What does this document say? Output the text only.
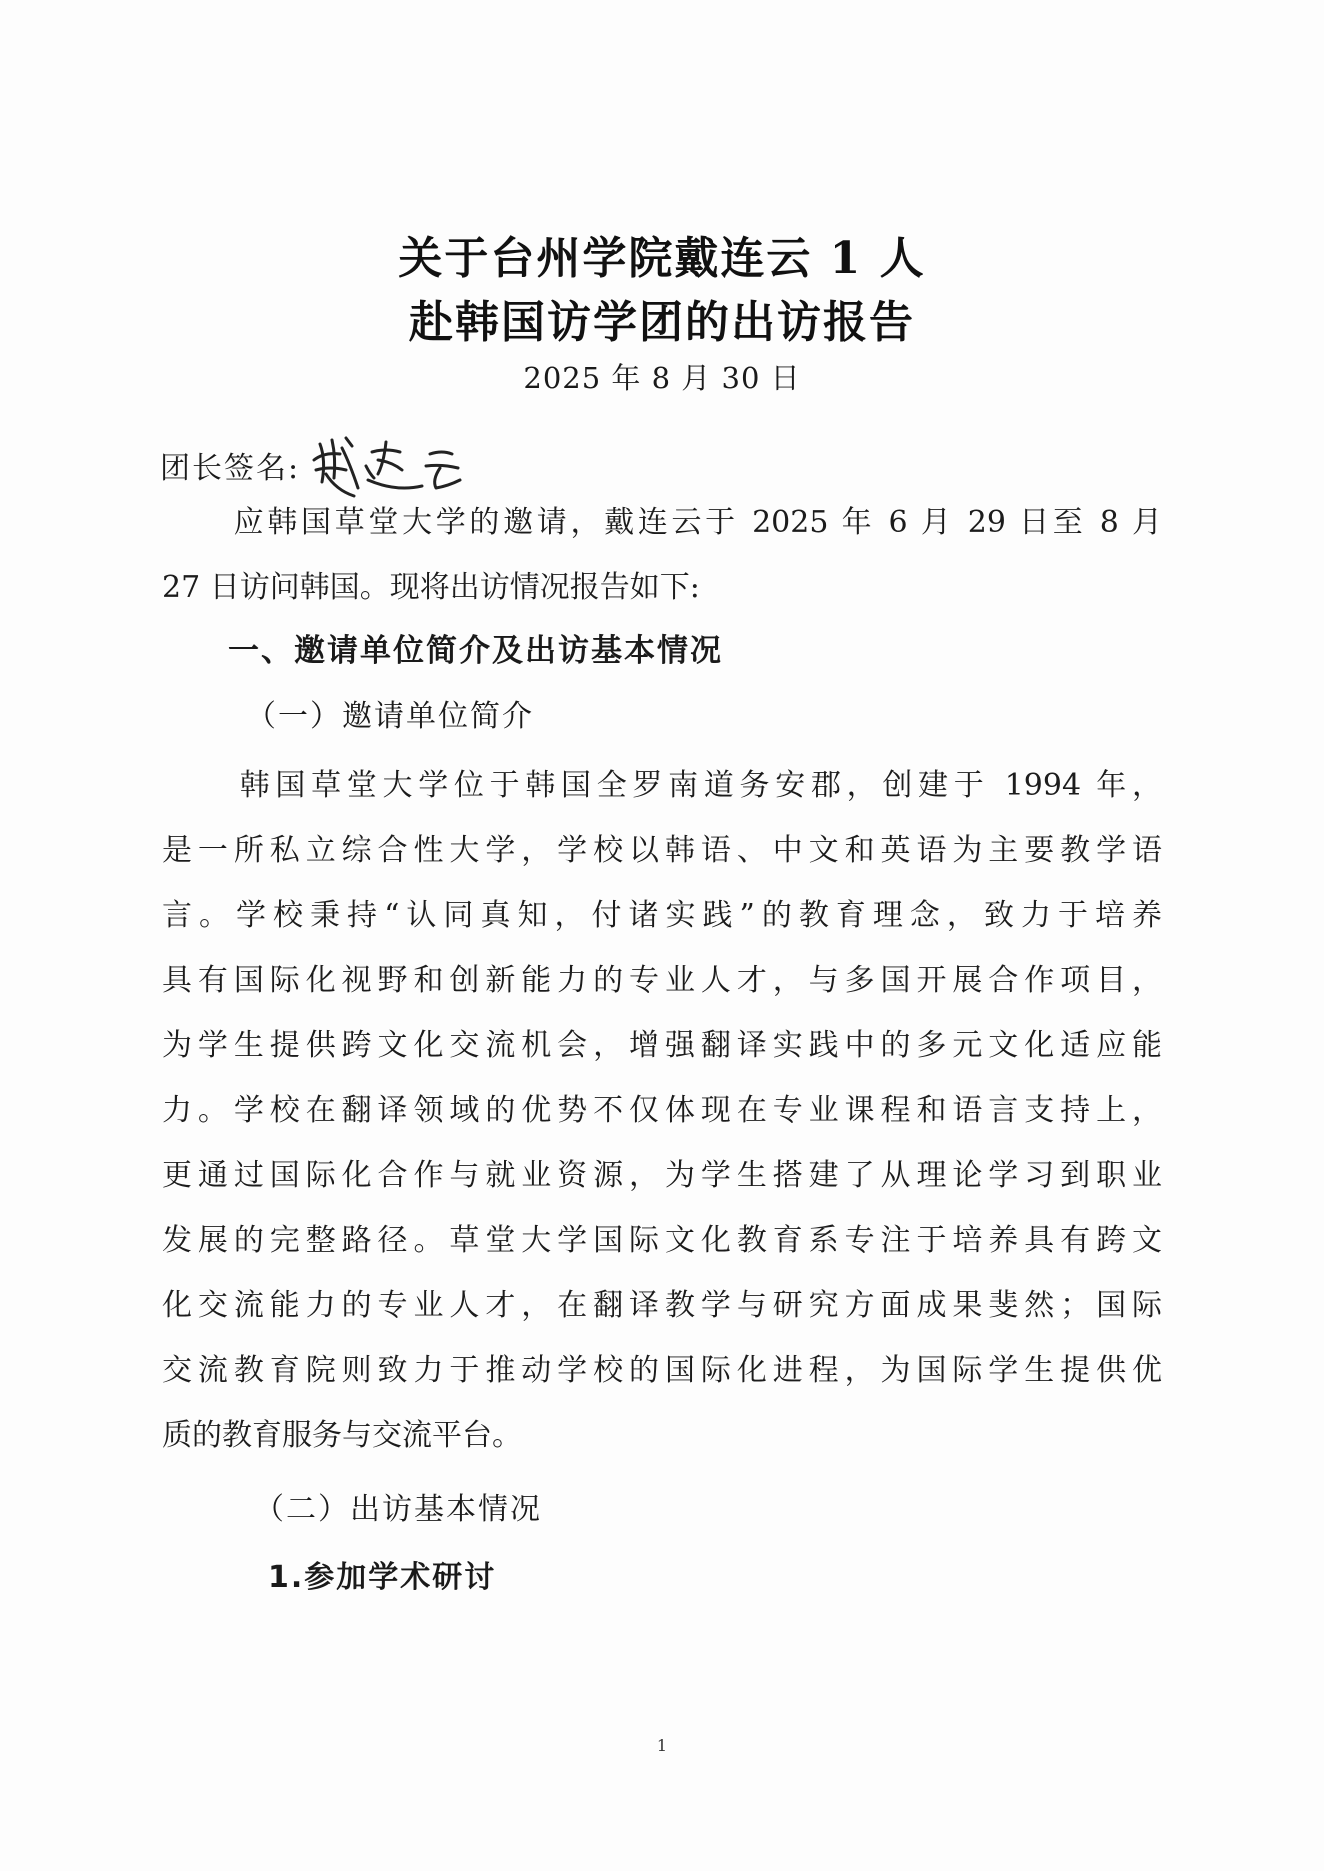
关于台州学院戴连云 1 人
赴韩国访学团的出访报告
2025 年 8 月 30 日
团长签名:
应韩国草堂大学的邀请，戴连云于 2025 年 6 月 29 日至 8 月
27 日访问韩国。现将出访情况报告如下:
一、邀请单位简介及出访基本情况
（一）邀请单位简介
韩国草堂大学位于韩国全罗南道务安郡，创建于 1994 年，
是一所私立综合性大学，学校以韩语、中文和英语为主要教学语
言。学校秉持“认同真知，付诸实践”的教育理念，致力于培养
具有国际化视野和创新能力的专业人才，与多国开展合作项目，
为学生提供跨文化交流机会，增强翻译实践中的多元文化适应能
力。学校在翻译领域的优势不仅体现在专业课程和语言支持上，
更通过国际化合作与就业资源，为学生搭建了从理论学习到职业
发展的完整路径。草堂大学国际文化教育系专注于培养具有跨文
化交流能力的专业人才，在翻译教学与研究方面成果斐然；国际
交流教育院则致力于推动学校的国际化进程，为国际学生提供优
质的教育服务与交流平台。
（二）出访基本情况
1.参加学术研讨
1
